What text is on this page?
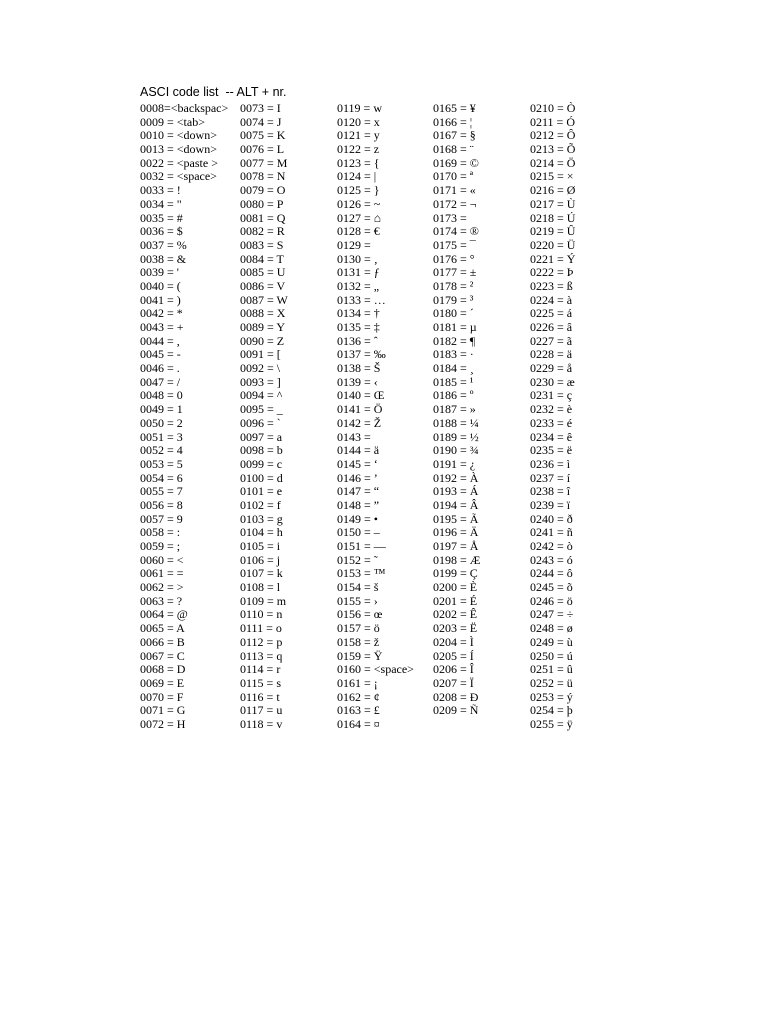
ASCI code list  -- ALT + nr.
0008=<backspac>
0009 = <tab>
0010 = <down>
0013 = <down>
0022 = <paste >
0032 = <space>
0033 = !
0034 = "
0035 = #
0036 = $
0037 = %
0038 = &
0039 = '
0040 = (
0041 = )
0042 = *
0043 = +
0044 = ,
0045 = -
0046 = .
0047 = /
0048 = 0
0049 = 1
0050 = 2
0051 = 3
0052 = 4
0053 = 5
0054 = 6
0055 = 7
0056 = 8
0057 = 9
0058 = :
0059 = ;
0060 = <
0061 = =
0062 = >
0063 = ?
0064 = @
0065 = A
0066 = B
0067 = C
0068 = D
0069 = E
0070 = F
0071 = G
0072 = H
0073 = I
0074 = J
0075 = K
0076 = L
0077 = M
0078 = N
0079 = O
0080 = P
0081 = Q
0082 = R
0083 = S
0084 = T
0085 = U
0086 = V
0087 = W
0088 = X
0089 = Y
0090 = Z
0091 = [
0092 = \
0093 = ]
0094 = ^
0095 = _
0096 = `
0097 = a
0098 = b
0099 = c
0100 = d
0101 = e
0102 = f
0103 = g
0104 = h
0105 = i
0106 = j
0107 = k
0108 = l
0109 = m
0110 = n
0111 = o
0112 = p
0113 = q
0114 = r
0115 = s
0116 = t
0117 = u
0118 = v
0119 = w
0120 = x
0121 = y
0122 = z
0123 = {
0124 = |
0125 = }
0126 = ~
0127 = ⌂
0128 = €
0129 =
0130 = ‚
0131 = ƒ
0132 = „
0133 = …
0134 = †
0135 = ‡
0136 = ˆ
0137 = ‰
0138 = Š
0139 = ‹
0140 = Œ
0141 = Ö
0142 = Ž
0143 =
0144 = ä
0145 = ‘
0146 = ’
0147 = “
0148 = ”
0149 = •
0150 = –
0151 = —
0152 = ˜
0153 = ™
0154 = š
0155 = ›
0156 = œ
0157 = ö
0158 = ž
0159 = Ÿ
0160 = <space>
0161 = ¡
0162 = ¢
0163 = £
0164 = ¤
0165 = ¥
0166 = ¦
0167 = §
0168 = ¨
0169 = ©
0170 = ª
0171 = «
0172 = ¬
0173 =
0174 = ®
0175 = ¯
0176 = °
0177 = ±
0178 = ²
0179 = ³
0180 = ´
0181 = µ
0182 = ¶
0183 = ·
0184 = ¸
0185 = ¹
0186 = º
0187 = »
0188 = ¼
0189 = ½
0190 = ¾
0191 = ¿
0192 = À
0193 = Á
0194 = Â
0195 = Ã
0196 = Ä
0197 = Å
0198 = Æ
0199 = Ç
0200 = È
0201 = É
0202 = Ê
0203 = Ë
0204 = Ì
0205 = Í
0206 = Î
0207 = Ï
0208 = Ð
0209 = Ñ
0210 = Ò
0211 = Ó
0212 = Ô
0213 = Õ
0214 = Ö
0215 = ×
0216 = Ø
0217 = Ù
0218 = Ú
0219 = Û
0220 = Ü
0221 = Ý
0222 = Þ
0223 = ß
0224 = à
0225 = á
0226 = â
0227 = ã
0228 = ä
0229 = å
0230 = æ
0231 = ç
0232 = è
0233 = é
0234 = ê
0235 = ë
0236 = ì
0237 = í
0238 = î
0239 = ï
0240 = ð
0241 = ñ
0242 = ò
0243 = ó
0244 = ô
0245 = õ
0246 = ö
0247 = ÷
0248 = ø
0249 = ù
0250 = ú
0251 = û
0252 = ü
0253 = ý
0254 = þ
0255 = ÿ
